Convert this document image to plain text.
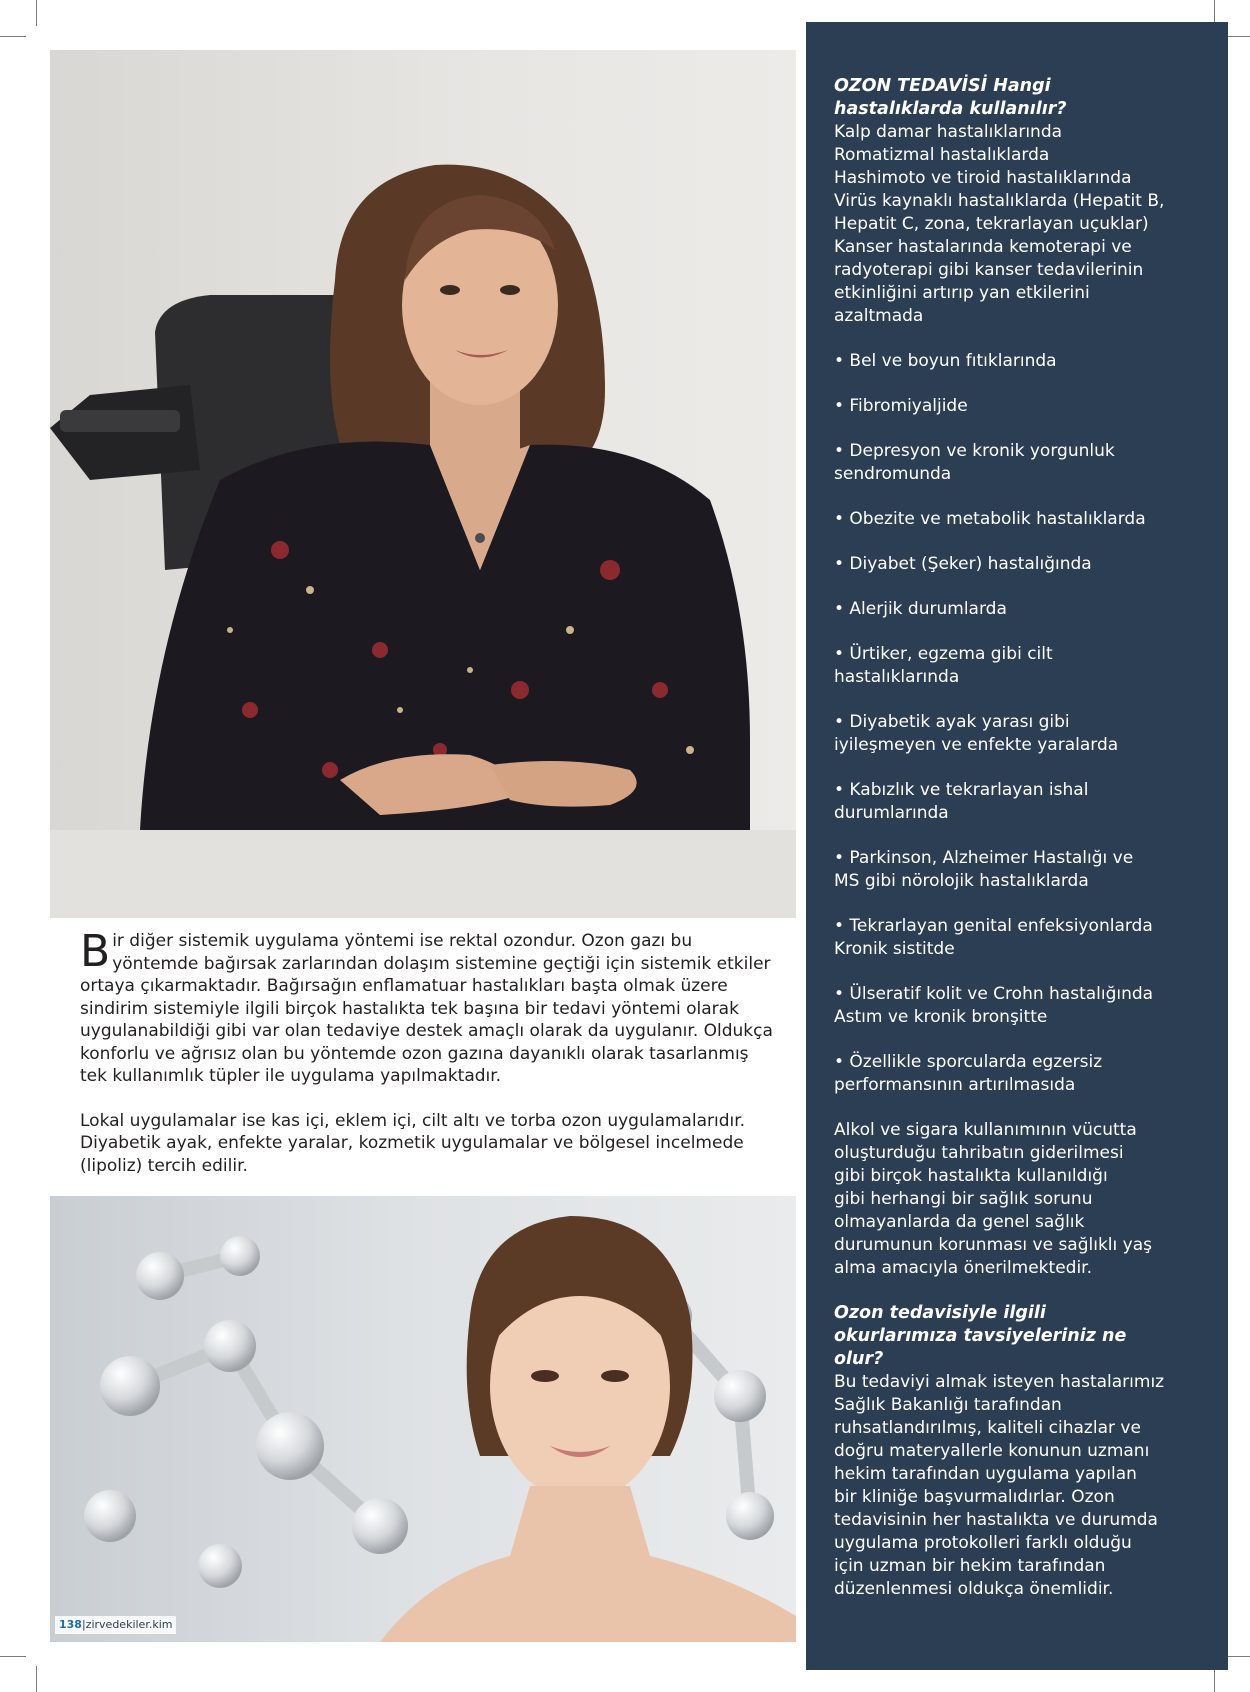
Bir diğer sistemik uygulama yöntemi ise rektal ozondur. Ozon gazı bu
yöntemde bağırsak zarlarından dolaşım sistemine geçtiği için sistemik etkiler
ortaya çıkarmaktadır. Bağırsağın enflamatuar hastalıkları başta olmak üzere
sindirim sistemiyle ilgili birçok hastalıkta tek başına bir tedavi yöntemi olarak
uygulanabildiği gibi var olan tedaviye destek amaçlı olarak da uygulanır. Oldukça
konforlu ve ağrısız olan bu yöntemde ozon gazına dayanıklı olarak tasarlanmış
tek kullanımlık tüpler ile uygulama yapılmaktadır.

Lokal uygulamalar ise kas içi, eklem içi, cilt altı ve torba ozon uygulamalarıdır.
Diyabetik ayak, enfekte yaralar, kozmetik uygulamalar ve bölgesel incelmede
(lipoliz) tercih edilir.

138|zirvedekiler.kim
OZON TEDAVİSİ Hangi
hastalıklarda kullanılır?
Kalp damar hastalıklarında
Romatizmal hastalıklarda
Hashimoto ve tiroid hastalıklarında
Virüs kaynaklı hastalıklarda (Hepatit B,
Hepatit C, zona, tekrarlayan uçuklar)
Kanser hastalarında kemoterapi ve
radyoterapi gibi kanser tedavilerinin
etkinliğini artırıp yan etkilerini
azaltmada
• Bel ve boyun fıtıklarında
• Fibromiyaljide
• Depresyon ve kronik yorgunluk
sendromunda
• Obezite ve metabolik hastalıklarda
• Diyabet (Şeker) hastalığında
• Alerjik durumlarda
• Ürtiker, egzema gibi cilt
hastalıklarında
• Diyabetik ayak yarası gibi
iyileşmeyen ve enfekte yaralarda
• Kabızlık ve tekrarlayan ishal
durumlarında
• Parkinson, Alzheimer Hastalığı ve
MS gibi nörolojik hastalıklarda
• Tekrarlayan genital enfeksiyonlarda
Kronik sistitde
• Ülseratif kolit ve Crohn hastalığında
Astım ve kronik bronşitte
• Özellikle sporcularda egzersiz
performansının artırılmasıda
Alkol ve sigara kullanımının vücutta
oluşturduğu tahribatın giderilmesi
gibi birçok hastalıkta kullanıldığı
gibi herhangi bir sağlık sorunu
olmayanlarda da genel sağlık
durumunun korunması ve sağlıklı yaş
alma amacıyla önerilmektedir.
Ozon tedavisiyle ilgili
okurlarımıza tavsiyeleriniz ne
olur?
Bu tedaviyi almak isteyen hastalarımız
Sağlık Bakanlığı tarafından
ruhsatlandırılmış, kaliteli cihazlar ve
doğru materyallerle konunun uzmanı
hekim tarafından uygulama yapılan
bir kliniğe başvurmalıdırlar. Ozon
tedavisinin her hastalıkta ve durumda
uygulama protokolleri farklı olduğu
için uzman bir hekim tarafından
düzenlenmesi oldukça önemlidir.
